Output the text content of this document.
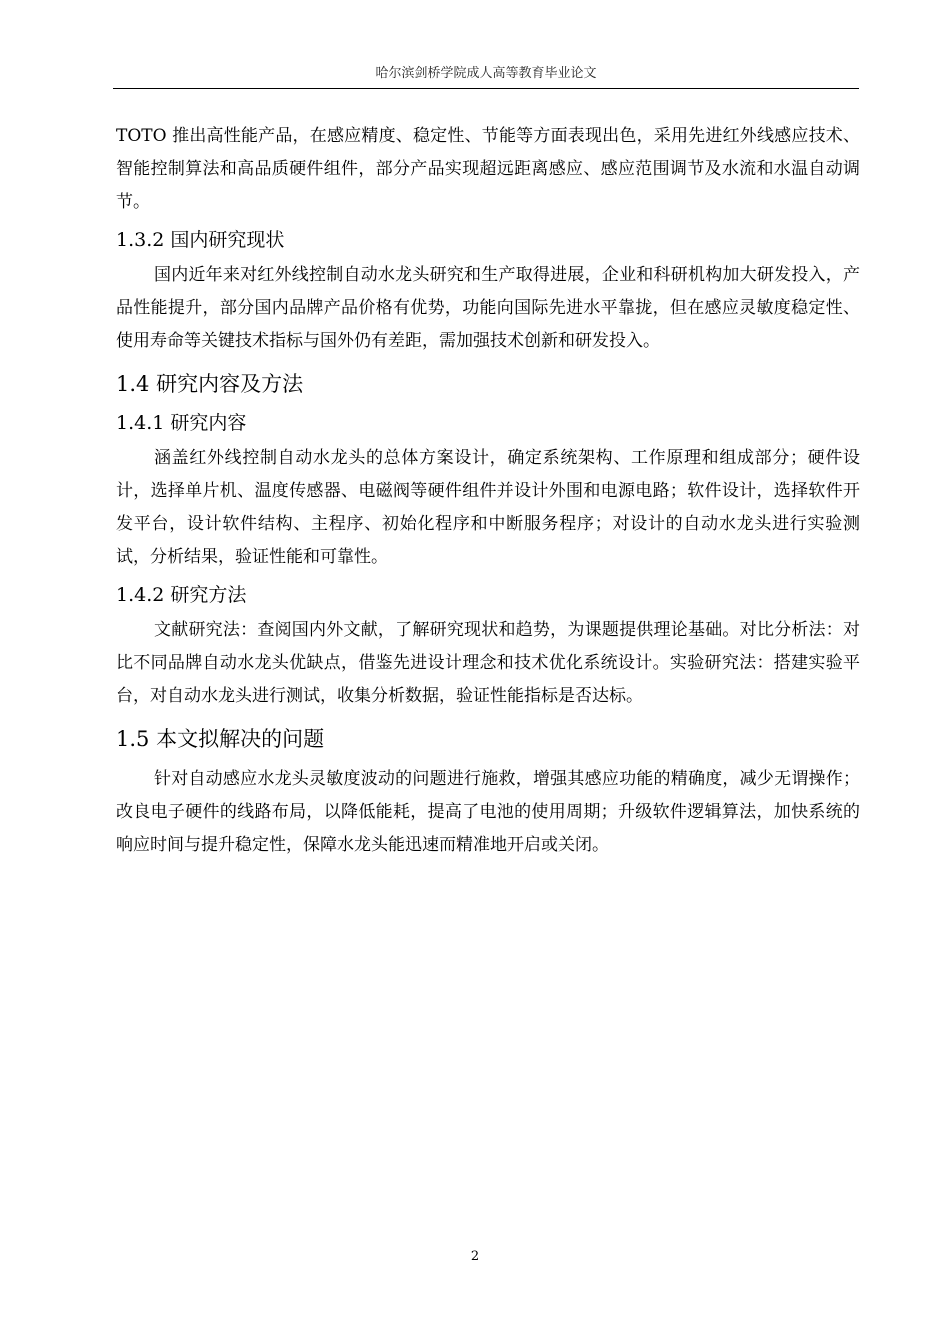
哈尔滨剑桥学院成人高等教育毕业论文

TOTO 推出高性能产品，在感应精度、稳定性、节能等方面表现出色，采用先进红外线感应技术、智能控制算法和高品质硬件组件，部分产品实现超远距离感应、感应范围调节及水流和水温自动调节。

1.3.2 国内研究现状

国内近年来对红外线控制自动水龙头研究和生产取得进展，企业和科研机构加大研发投入，产品性能提升，部分国内品牌产品价格有优势，功能向国际先进水平靠拢，但在感应灵敏度稳定性、使用寿命等关键技术指标与国外仍有差距，需加强技术创新和研发投入。

1.4 研究内容及方法
1.4.1 研究内容

涵盖红外线控制自动水龙头的总体方案设计，确定系统架构、工作原理和组成部分；硬件设计，选择单片机、温度传感器、电磁阀等硬件组件并设计外围和电源电路；软件设计，选择软件开发平台，设计软件结构、主程序、初始化程序和中断服务程序；对设计的自动水龙头进行实验测试，分析结果，验证性能和可靠性。

1.4.2 研究方法

文献研究法：查阅国内外文献，了解研究现状和趋势，为课题提供理论基础。对比分析法：对比不同品牌自动水龙头优缺点，借鉴先进设计理念和技术优化系统设计。实验研究法：搭建实验平台，对自动水龙头进行测试，收集分析数据，验证性能指标是否达标。

1.5 本文拟解决的问题

针对自动感应水龙头灵敏度波动的问题进行施救，增强其感应功能的精确度，减少无谓操作；改良电子硬件的线路布局，以降低能耗，提高了电池的使用周期；升级软件逻辑算法，加快系统的响应时间与提升稳定性，保障水龙头能迅速而精准地开启或关闭。

2
